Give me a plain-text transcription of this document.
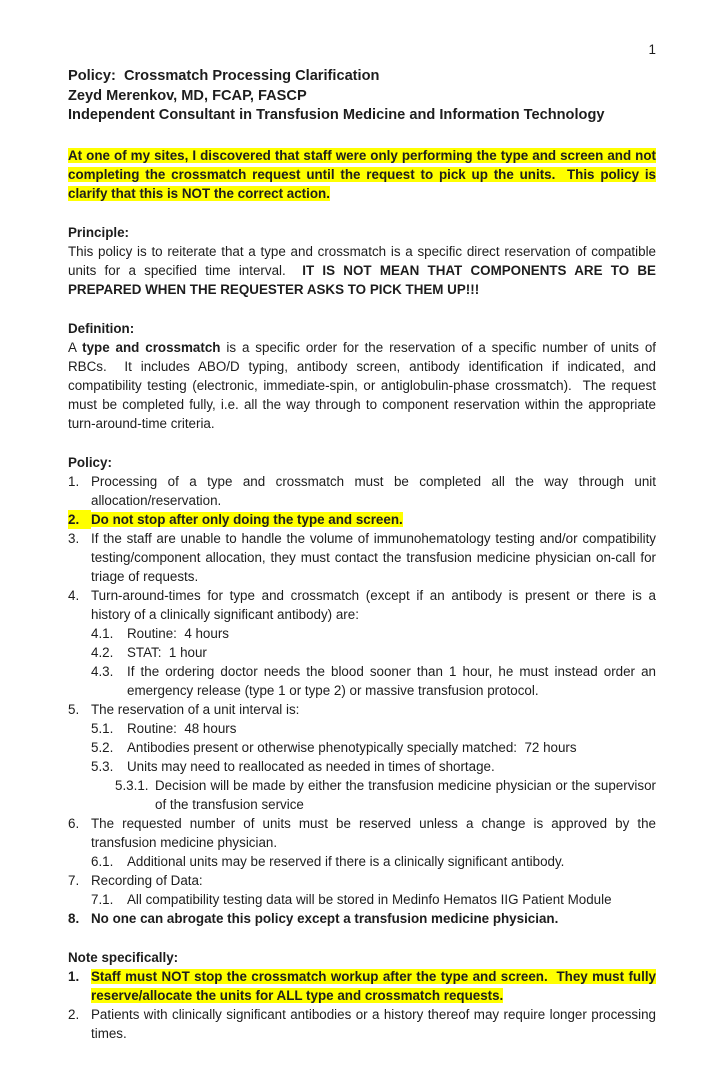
1
Policy:  Crossmatch Processing Clarification
Zeyd Merenkov, MD, FCAP, FASCP
Independent Consultant in Transfusion Medicine and Information Technology

At one of my sites, I discovered that staff were only performing the type and screen and not completing the crossmatch request until the request to pick up the units.  This policy is clarify that this is NOT the correct action.

Principle:

This policy is to reiterate that a type and crossmatch is a specific direct reservation of compatible units for a specified time interval.  IT IS NOT MEAN THAT COMPONENTS ARE TO BE PREPARED WHEN THE REQUESTER ASKS TO PICK THEM UP!!!

Definition:

A type and crossmatch is a specific order for the reservation of a specific number of units of RBCs.  It includes ABO/D typing, antibody screen, antibody identification if indicated, and compatibility testing (electronic, immediate-spin, or antiglobulin-phase crossmatch).  The request must be completed fully, i.e. all the way through to component reservation within the appropriate turn-around-time criteria.

Policy:
1. Processing of a type and crossmatch must be completed all the way through unit allocation/reservation.
2. Do not stop after only doing the type and screen.
3. If the staff are unable to handle the volume of immunohematology testing and/or compatibility testing/component allocation, they must contact the transfusion medicine physician on-call for triage of requests.
4. Turn-around-times for type and crossmatch (except if an antibody is present or there is a history of a clinically significant antibody) are:
4.1.	Routine:  4 hours
4.2.	STAT:  1 hour
4.3.	If the ordering doctor needs the blood sooner than 1 hour, he must instead order an emergency release (type 1 or type 2) or massive transfusion protocol.
5. The reservation of a unit interval is:
5.1.	Routine:  48 hours
5.2.	Antibodies present or otherwise phenotypically specially matched:  72 hours
5.3.	Units may need to reallocated as needed in times of shortage.
5.3.1. Decision will be made by either the transfusion medicine physician or the supervisor of the transfusion service
6. The requested number of units must be reserved unless a change is approved by the transfusion medicine physician.
6.1.	Additional units may be reserved if there is a clinically significant antibody.
7. Recording of Data:
7.1.	All compatibility testing data will be stored in Medinfo Hematos IIG Patient Module
8. No one can abrogate this policy except a transfusion medicine physician.
Note specifically:
1. Staff must NOT stop the crossmatch workup after the type and screen.  They must fully reserve/allocate the units for ALL type and crossmatch requests.
2. Patients with clinically significant antibodies or a history thereof may require longer processing times.
